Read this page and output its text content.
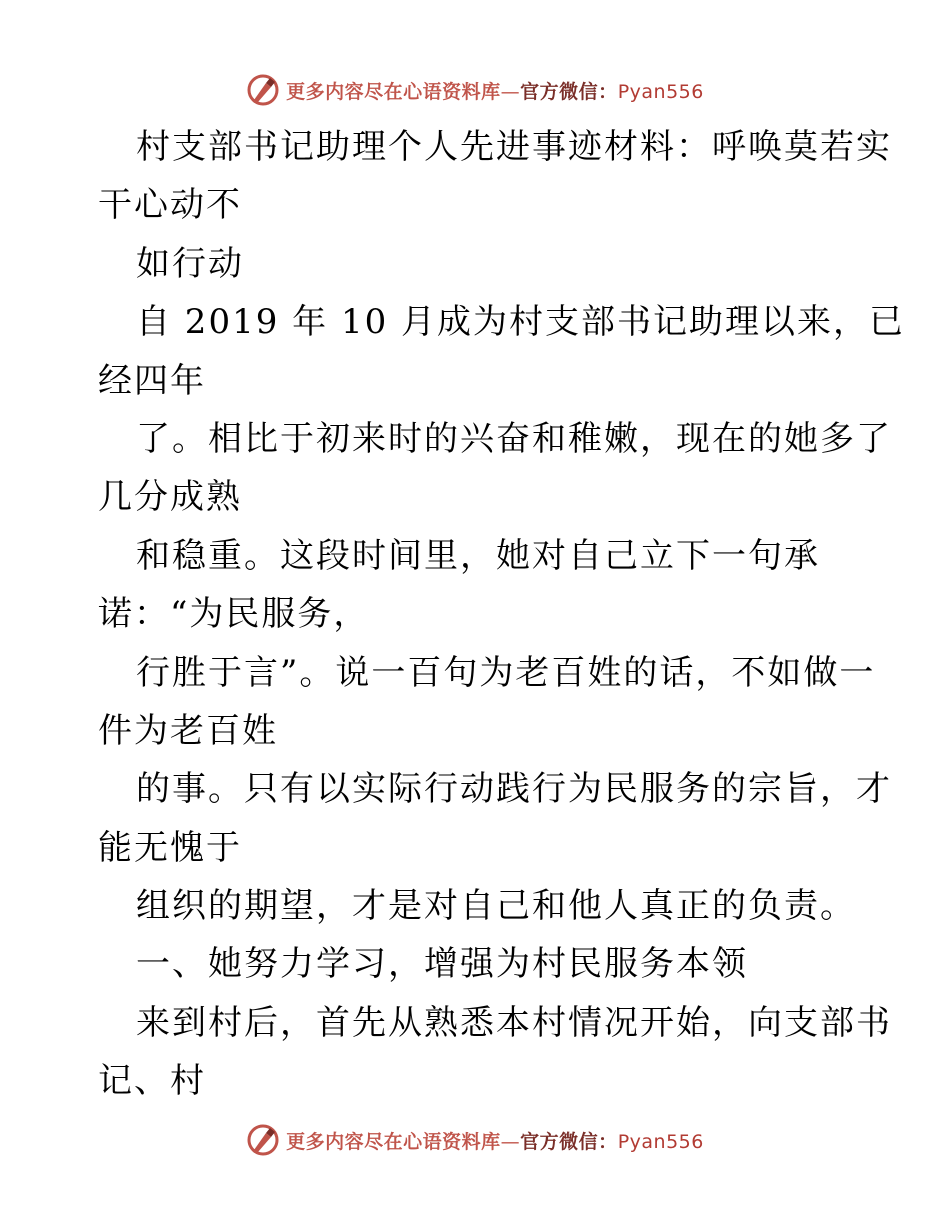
更多内容尽在心语资料库—官方微信：Pyan556
村支部书记助理个人先进事迹材料：呼唤莫若实
干心动不
如行动
自 2019 年 10 月成为村支部书记助理以来，已
经四年
了。相比于初来时的兴奋和稚嫩，现在的她多了
几分成熟
和稳重。这段时间里，她对自己立下一句承
诺：“为民服务，
行胜于言”。说一百句为老百姓的话，不如做一
件为老百姓
的事。只有以实际行动践行为民服务的宗旨，才
能无愧于
组织的期望，才是对自己和他人真正的负责。
一、她努力学习，增强为村民服务本领
来到村后，首先从熟悉本村情况开始，向支部书
记、村
更多内容尽在心语资料库—官方微信：Pyan556
